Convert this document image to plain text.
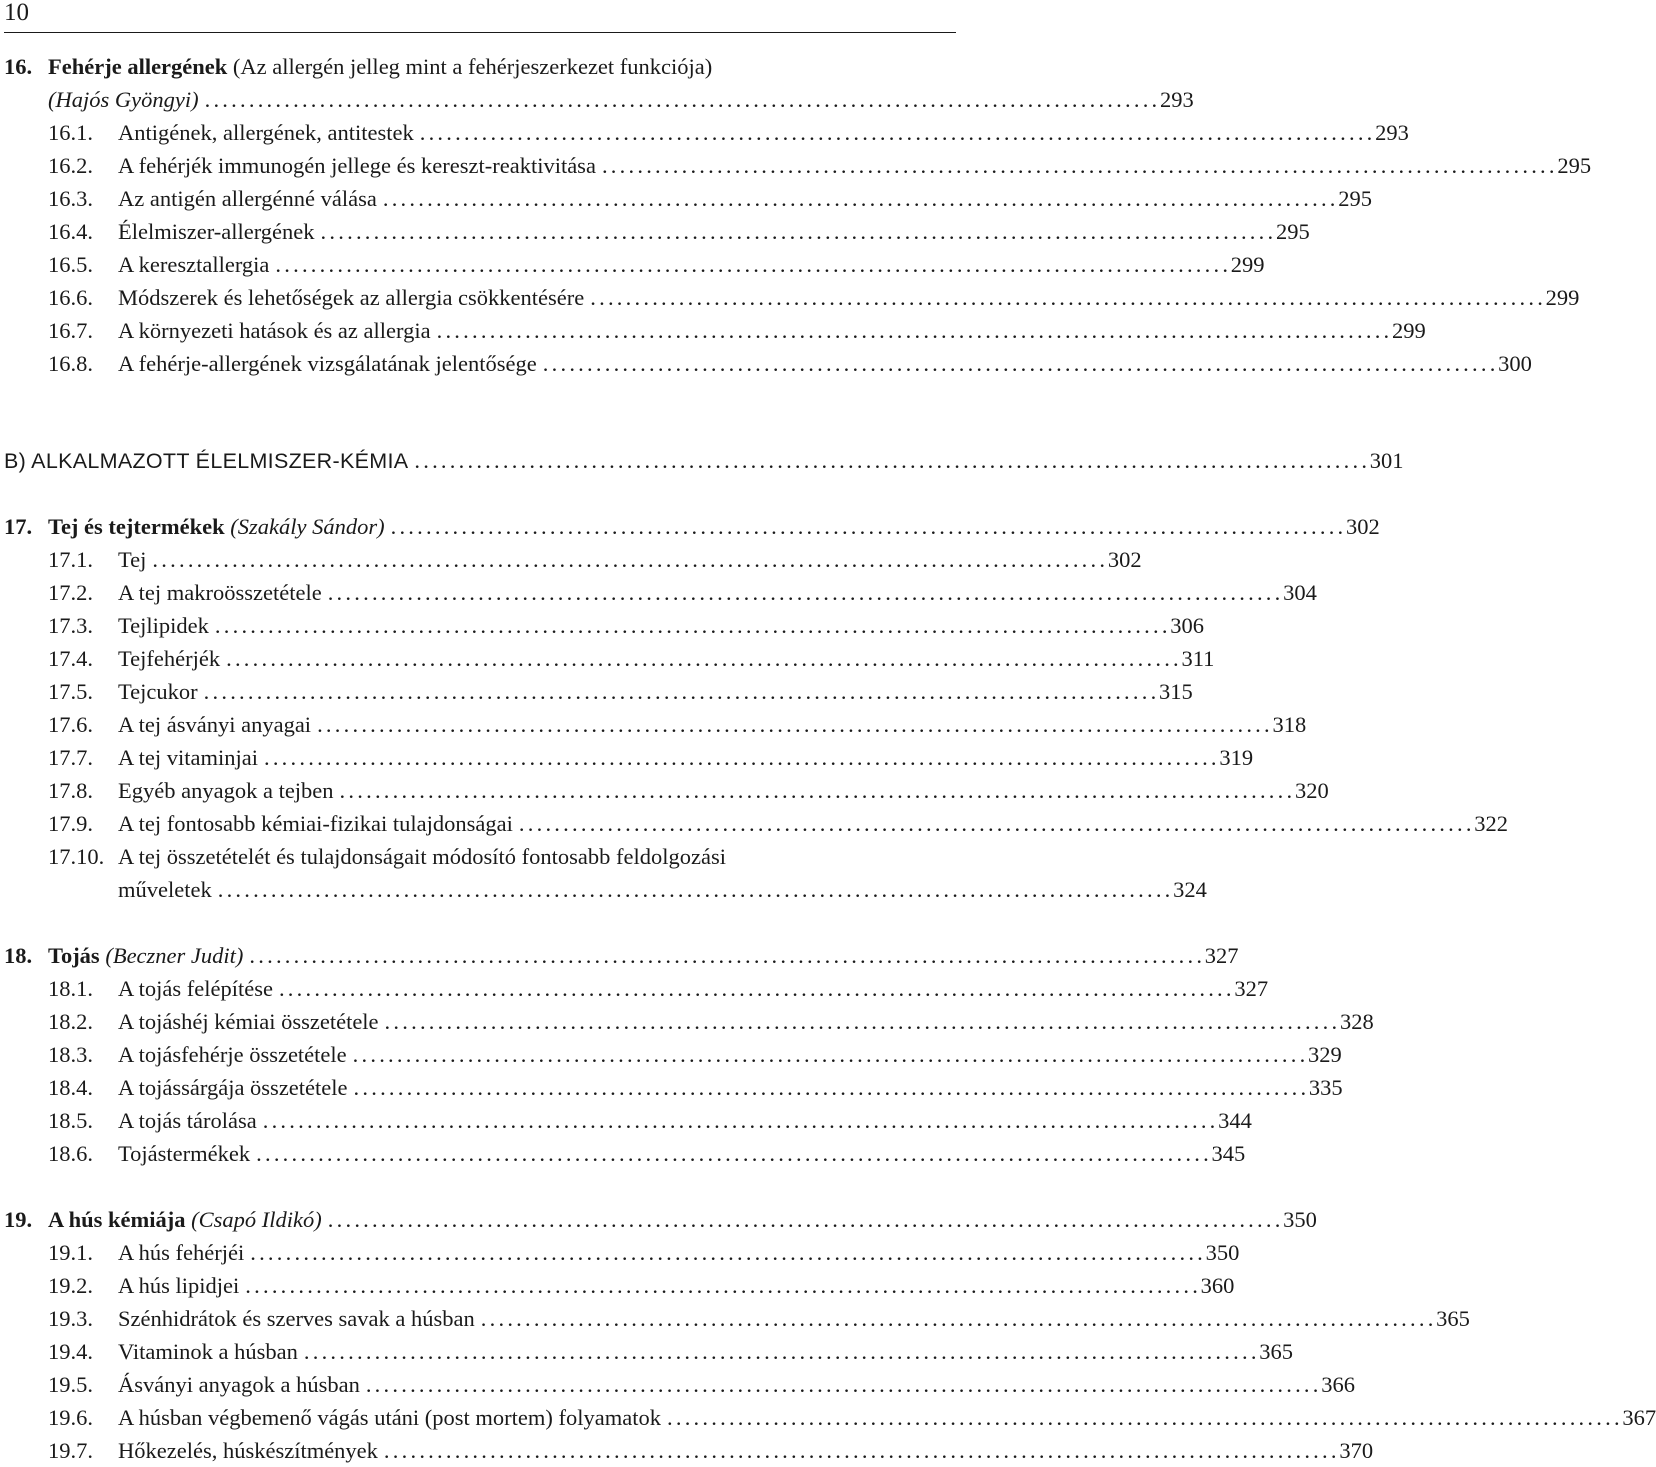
10
16. Fehérje allergének (Az allergén jelleg mint a fehérjeszerkezet funkciója)
(Hajós Gyöngyi) . . .	293
16.1.	Antigének, allergének, antitestek . . .	293
16.2.	A fehérjék immunogén jellege és kereszt-reaktivitása . . .	295
16.3.	Az antigén allergénné válása . . .	295
16.4.	Élelmiszer-allergének . . .	295
16.5.	A keresztallergia . . .	299
16.6.	Módszerek és lehetőségek az allergia csökkentésére . . .	299
16.7.	A környezeti hatások és az allergia . . .	299
16.8.	A fehérje-allergének vizsgálatának jelentősége . . .	300
B) ALKALMAZOTT ÉLELMISZER-KÉMIA . . .	301
17. Tej és tejtermékek (Szakály Sándor) . . .	302
17.1.	Tej . . .	302
17.2.	A tej makroösszetétele . . .	304
17.3.	Tejlipidek . . .	306
17.4.	Tejfehérjék . . .	311
17.5.	Tejcukor . . .	315
17.6.	A tej ásványi anyagai . . .	318
17.7.	A tej vitaminjai . . .	319
17.8.	Egyéb anyagok a tejben . . .	320
17.9.	A tej fontosabb kémiai-fizikai tulajdonságai . . .	322
17.10. A tej összetételét és tulajdonságait módosító fontosabb feldolgozási
műveletek . . .	324
18. Tojás (Beczner Judit) . . .	327
18.1.	A tojás felépítése . . .	327
18.2.	A tojáshéj kémiai összetétele . . .	328
18.3.	A tojásfehérje összetétele . . .	329
18.4.	A tojássárgája összetétele . . .	335
18.5.	A tojás tárolása . . .	344
18.6.	Tojástermékek . . .	345
19. A hús kémiája (Csapó Ildikó) . . .	350
19.1.	A hús fehérjéi . . .	350
19.2.	A hús lipidjei . . .	360
19.3.	Szénhidrátok és szerves savak a húsban . . .	365
19.4.	Vitaminok a húsban . . .	365
19.5.	Ásványi anyagok a húsban . . .	366
19.6.	A húsban végbemenő vágás utáni (post mortem) folyamatok . . .	367
19.7.	Hőkezelés, húskészítmények . . .	370
